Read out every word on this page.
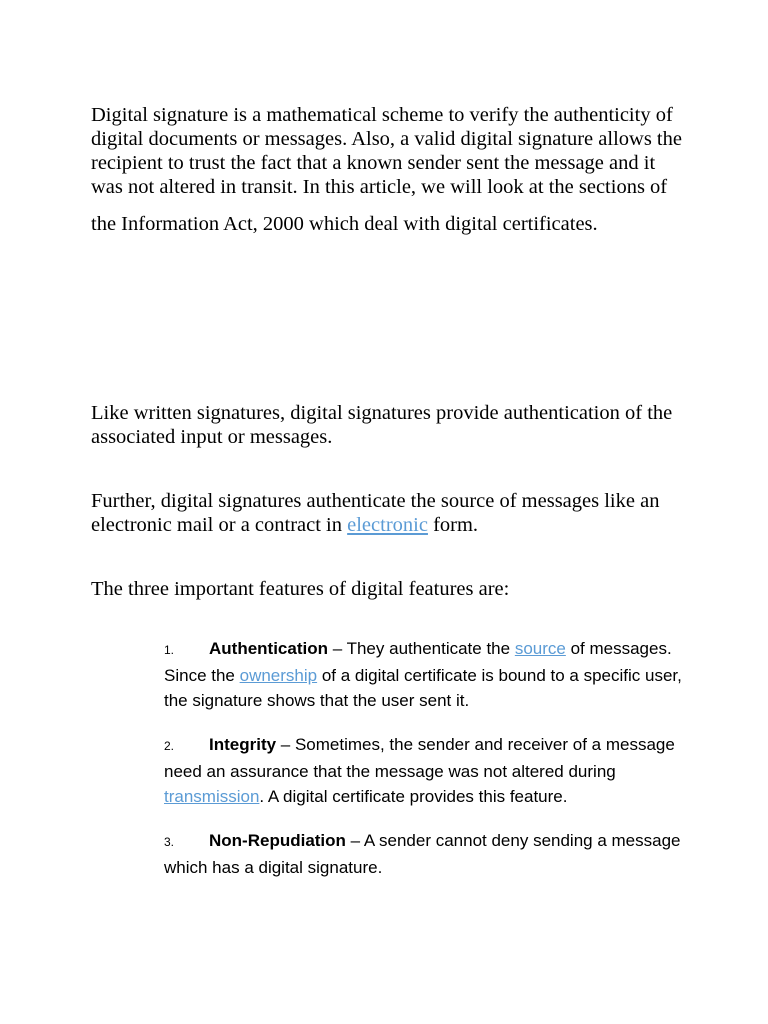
Digital signature is a mathematical scheme to verify the authenticity of digital documents or messages. Also, a valid digital signature allows the recipient to trust the fact that a known sender sent the message and it was not altered in transit. In this article, we will look at the sections of
the Information Act, 2000 which deal with digital certificates.

Like written signatures, digital signatures provide authentication of the associated input or messages.

Further, digital signatures authenticate the source of messages like an electronic mail or a contract in electronic form.

The three important features of digital features are:

1. Authentication – They authenticate the source of messages. Since the ownership of a digital certificate is bound to a specific user, the signature shows that the user sent it.

2. Integrity – Sometimes, the sender and receiver of a message need an assurance that the message was not altered during transmission. A digital certificate provides this feature.

3. Non-Repudiation – A sender cannot deny sending a message which has a digital signature.
